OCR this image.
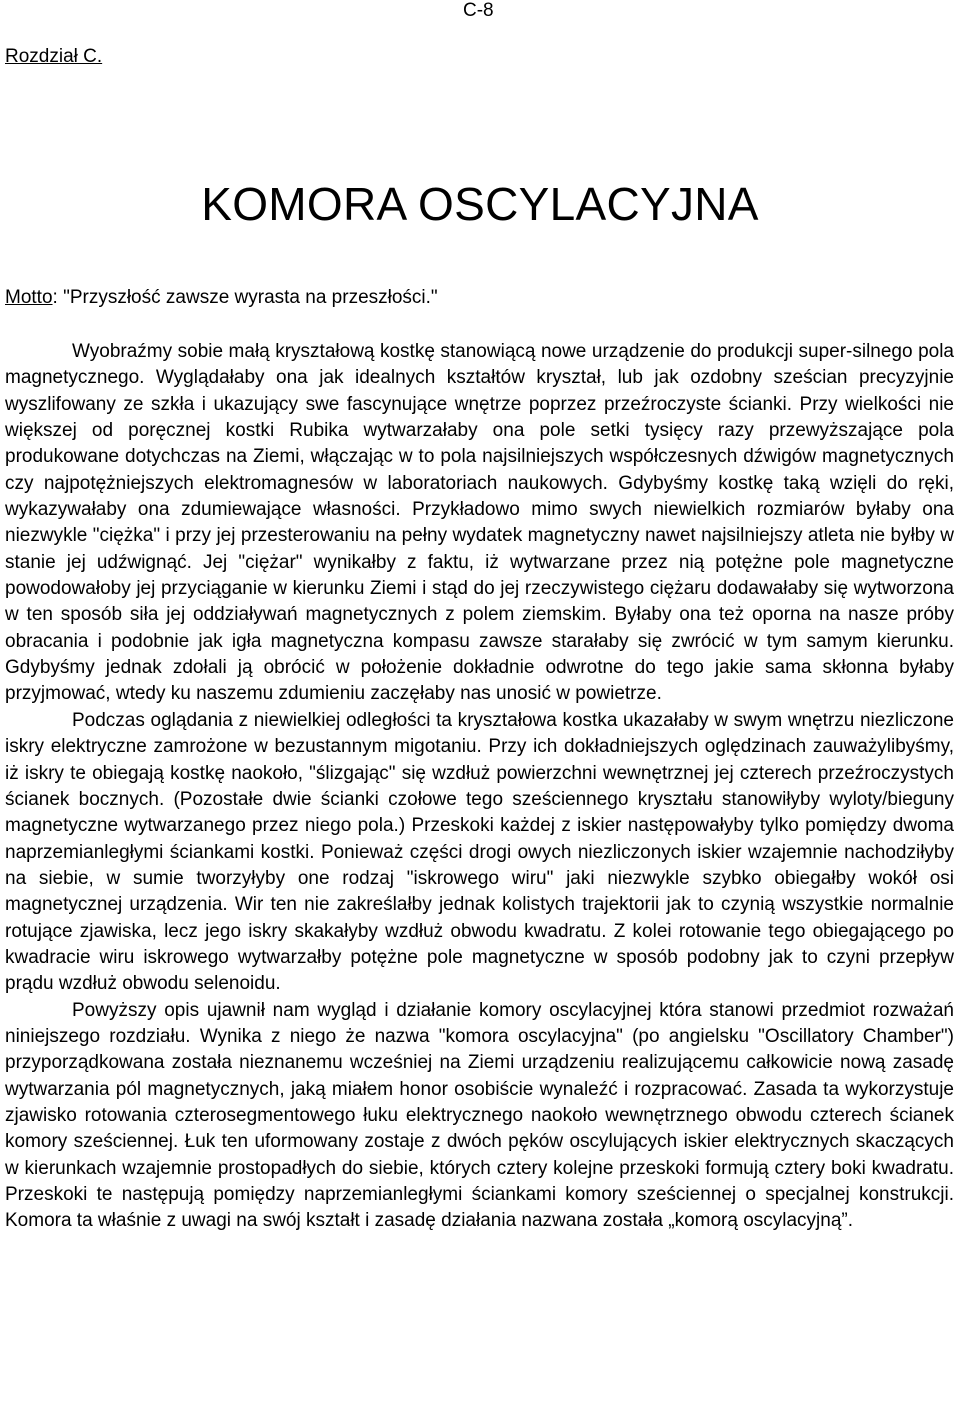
C-8
Rozdział C.
KOMORA OSCYLACYJNA
Motto: "Przyszłość zawsze wyrasta na przeszłości."

Wyobraźmy sobie małą kryształową kostkę stanowiącą nowe urządzenie do produkcji super-silnego pola magnetycznego. Wyglądałaby ona jak idealnych kształtów kryształ, lub jak ozdobny sześcian precyzyjnie wyszlifowany ze szkła i ukazujący swe fascynujące wnętrze poprzez przeźroczyste ścianki. Przy wielkości nie większej od poręcznej kostki Rubika wytwarzałaby ona pole setki tysięcy razy przewyższające pola produkowane dotychczas na Ziemi, włączając w to pola najsilniejszych współczesnych dźwigów magnetycznych czy najpotężniejszych elektromagnesów w laboratoriach naukowych. Gdybyśmy kostkę taką wzięli do ręki, wykazywałaby ona zdumiewające własności. Przykładowo mimo swych niewielkich rozmiarów byłaby ona niezwykle "ciężka" i przy jej przesterowaniu na pełny wydatek magnetyczny nawet najsilniejszy atleta nie byłby w stanie jej udźwignąć. Jej "ciężar" wynikałby z faktu, iż wytwarzane przez nią potężne pole magnetyczne powodowałoby jej przyciąganie w kierunku Ziemi i stąd do jej rzeczywistego ciężaru dodawałaby się wytworzona w ten sposób siła jej oddziaływań magnetycznych z polem ziemskim. Byłaby ona też oporna na nasze próby obracania i podobnie jak igła magnetyczna kompasu zawsze starałaby się zwrócić w tym samym kierunku. Gdybyśmy jednak zdołali ją obrócić w położenie dokładnie odwrotne do tego jakie sama skłonna byłaby przyjmować, wtedy ku naszemu zdumieniu zaczęłaby nas unosić w powietrze.

Podczas oglądania z niewielkiej odległości ta kryształowa kostka ukazałaby w swym wnętrzu niezliczone iskry elektryczne zamrożone w bezustannym migotaniu. Przy ich dokładniejszych oględzinach zauważylibyśmy, iż iskry te obiegają kostkę naokoło, "ślizgając" się wzdłuż powierzchni wewnętrznej jej czterech przeźroczystych ścianek bocznych. (Pozostałe dwie ścianki czołowe tego sześciennego kryształu stanowiłyby wyloty/bieguny magnetyczne wytwarzanego przez niego pola.) Przeskoki każdej z iskier następowałyby tylko pomiędzy dwoma naprzemianległymi ściankami kostki. Ponieważ części drogi owych niezliczonych iskier wzajemnie nachodziłyby na siebie, w sumie tworzyłyby one rodzaj "iskrowego wiru" jaki niezwykle szybko obiegałby wokół osi magnetycznej urządzenia. Wir ten nie zakreślałby jednak kolistych trajektorii jak to czynią wszystkie normalnie rotujące zjawiska, lecz jego iskry skakałyby wzdłuż obwodu kwadratu. Z kolei rotowanie tego obiegającego po kwadracie wiru iskrowego wytwarzałby potężne pole magnetyczne w sposób podobny jak to czyni przepływ prądu wzdłuż obwodu selenoidu.

Powyższy opis ujawnił nam wygląd i działanie komory oscylacyjnej która stanowi przedmiot rozważań niniejszego rozdziału. Wynika z niego że nazwa "komora oscylacyjna" (po angielsku "Oscillatory Chamber") przyporządkowana została nieznanemu wcześniej na Ziemi urządzeniu realizującemu całkowicie nową zasadę wytwarzania pól magnetycznych, jaką miałem honor osobiście wynaleźć i rozpracować. Zasada ta wykorzystuje zjawisko rotowania czterosegmentowego łuku elektrycznego naokoło wewnętrznego obwodu czterech ścianek komory sześciennej. Łuk ten uformowany zostaje z dwóch pęków oscylujących iskier elektrycznych skaczących w kierunkach wzajemnie prostopadłych do siebie, których cztery kolejne przeskoki formują cztery boki kwadratu. Przeskoki te następują pomiędzy naprzemianległymi ściankami komory sześciennej o specjalnej konstrukcji. Komora ta właśnie z uwagi na swój kształt i zasadę działania nazwana została „komorą oscylacyjną”.
